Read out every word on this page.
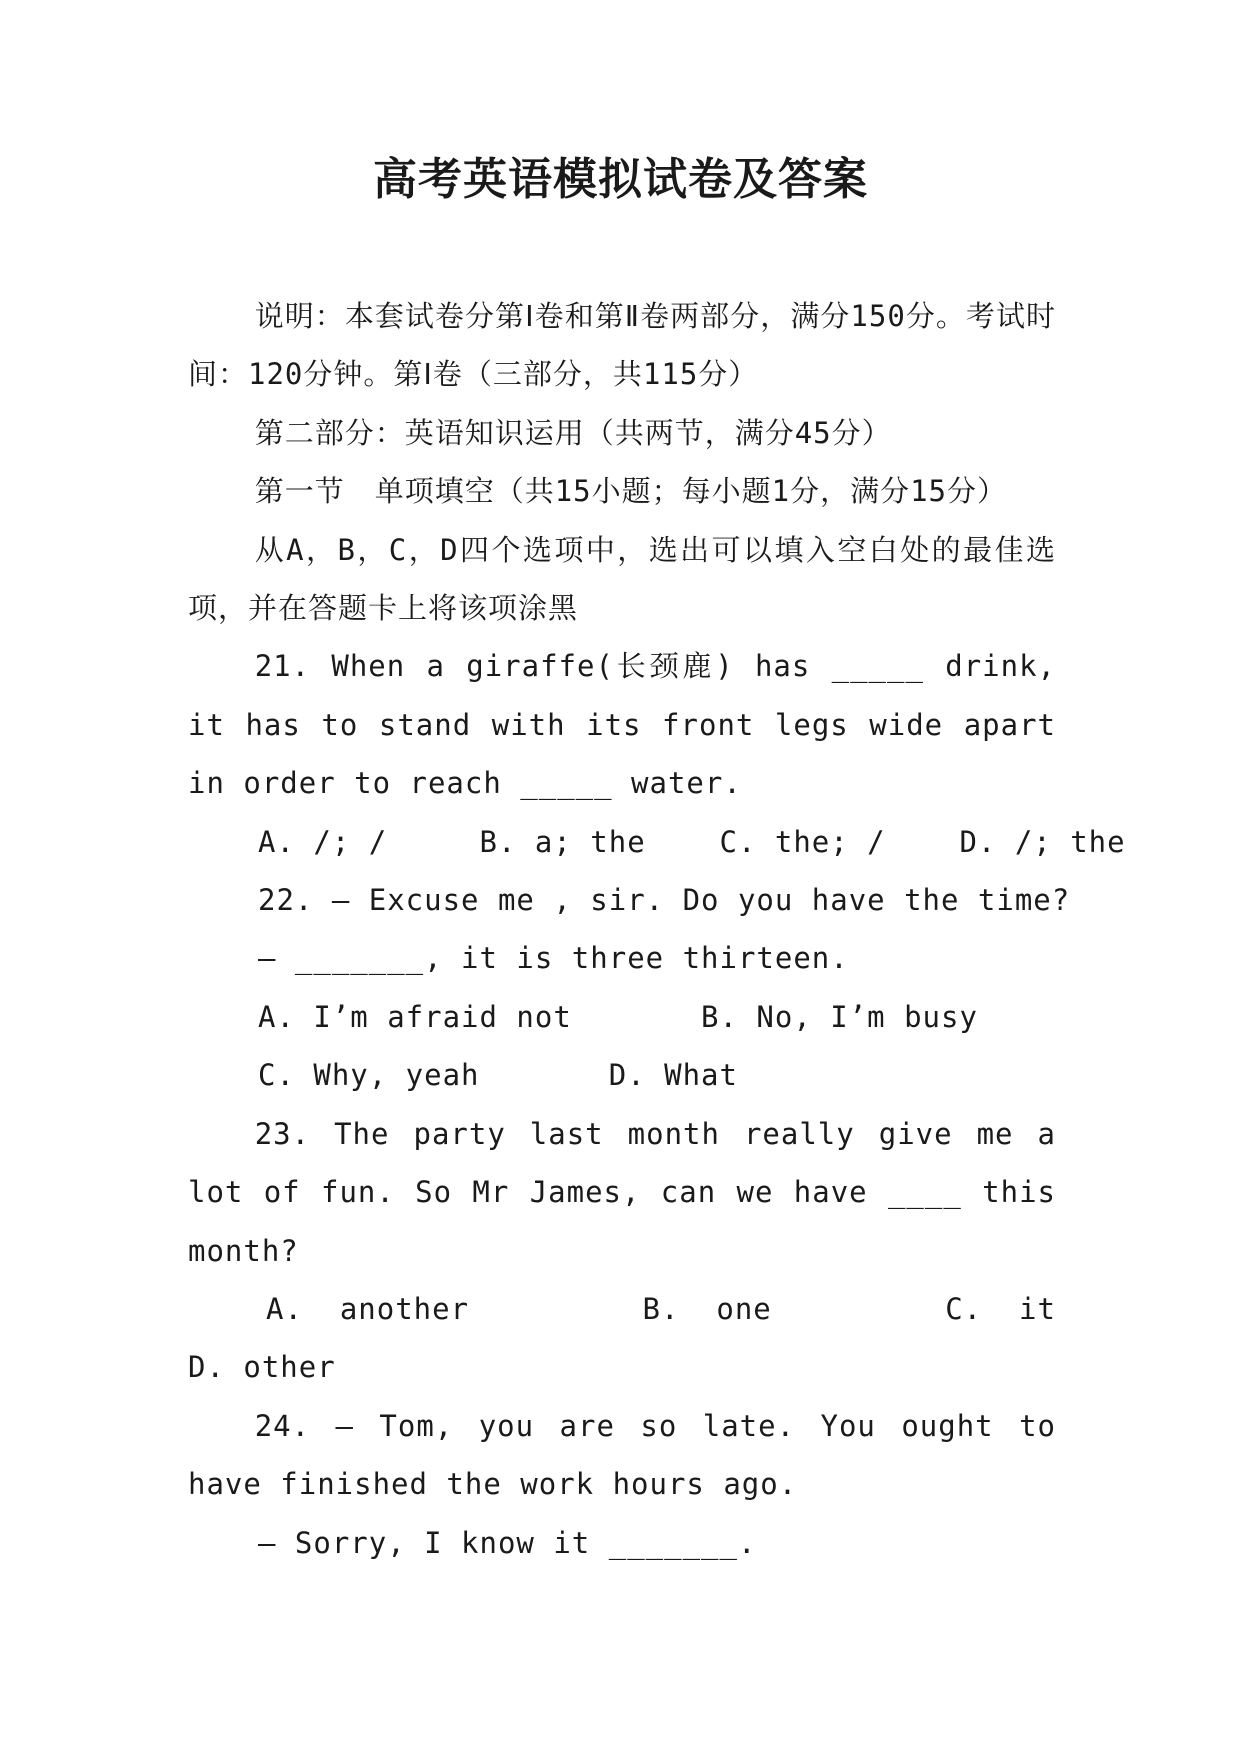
高考英语模拟试卷及答案

说明：本套试卷分第Ⅰ卷和第Ⅱ卷两部分，满分150分。考试时间：120分钟。第Ⅰ卷（三部分，共115分）

第二部分：英语知识运用（共两节，满分45分）

第一节　单项填空（共15小题；每小题1分，满分15分）

从A，B，C，D四个选项中，选出可以填入空白处的最佳选项，并在答题卡上将该项涂黑

21. When a giraffe(长颈鹿) has _____ drink, it has to stand with its front legs wide apart in order to reach _____ water.

A. /; /     B. a; the    C. the; /    D. /; the

22. — Excuse me , sir. Do you have the time?

— _______, it is three thirteen.

A. I’m afraid not       B. No, I’m busy

C. Why, yeah       D. What

23. The party last month really give me a lot of fun. So Mr James, can we have ____ this month?

A.  another	B.  one	C.  it

D. other

24. — Tom, you are so late. You ought to have finished the work hours ago.

— Sorry, I know it _______.
